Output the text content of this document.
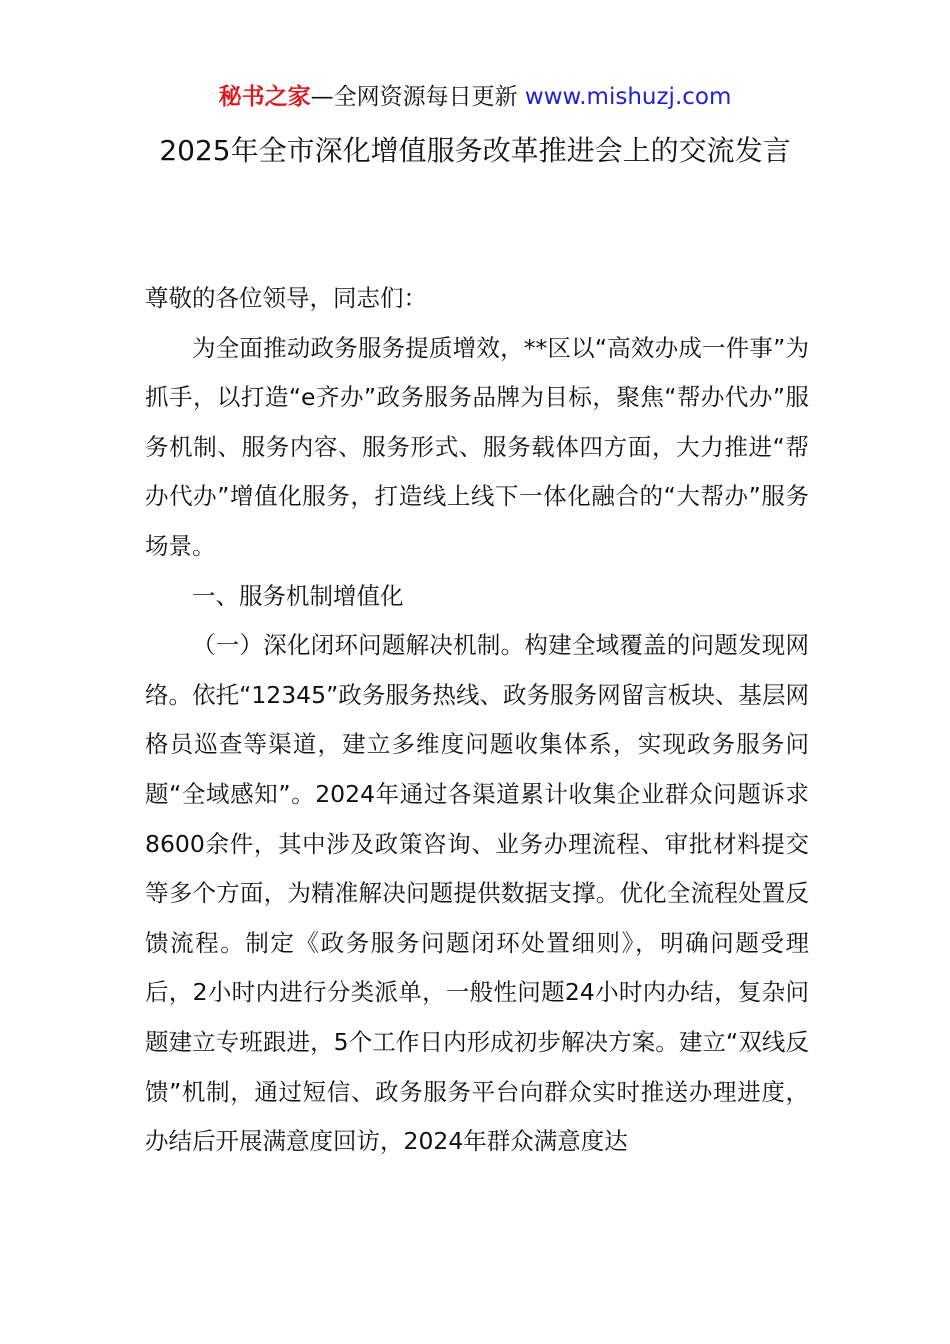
秘书之家—全网资源每日更新 www.mishuzj.com
2025年全市深化增值服务改革推进会上的交流发言

尊敬的各位领导，同志们：

为全面推动政务服务提质增效，**区以“高效办成一件事”为抓手，以打造“e齐办”政务服务品牌为目标，聚焦“帮办代办”服务机制、服务内容、服务形式、服务载体四方面，大力推进“帮办代办”增值化服务，打造线上线下一体化融合的“大帮办”服务场景。

一、服务机制增值化

（一）深化闭环问题解决机制。构建全域覆盖的问题发现网络。依托“12345”政务服务热线、政务服务网留言板块、基层网格员巡查等渠道，建立多维度问题收集体系，实现政务服务问题“全域感知”。2024年通过各渠道累计收集企业群众问题诉求8600余件，其中涉及政策咨询、业务办理流程、审批材料提交等多个方面，为精准解决问题提供数据支撑。优化全流程处置反馈流程。制定《政务服务问题闭环处置细则》，明确问题受理后，2小时内进行分类派单，一般性问题24小时内办结，复杂问题建立专班跟进，5个工作日内形成初步解决方案。建立“双线反馈”机制，通过短信、政务服务平台向群众实时推送办理进度，办结后开展满意度回访，2024年群众满意度达
